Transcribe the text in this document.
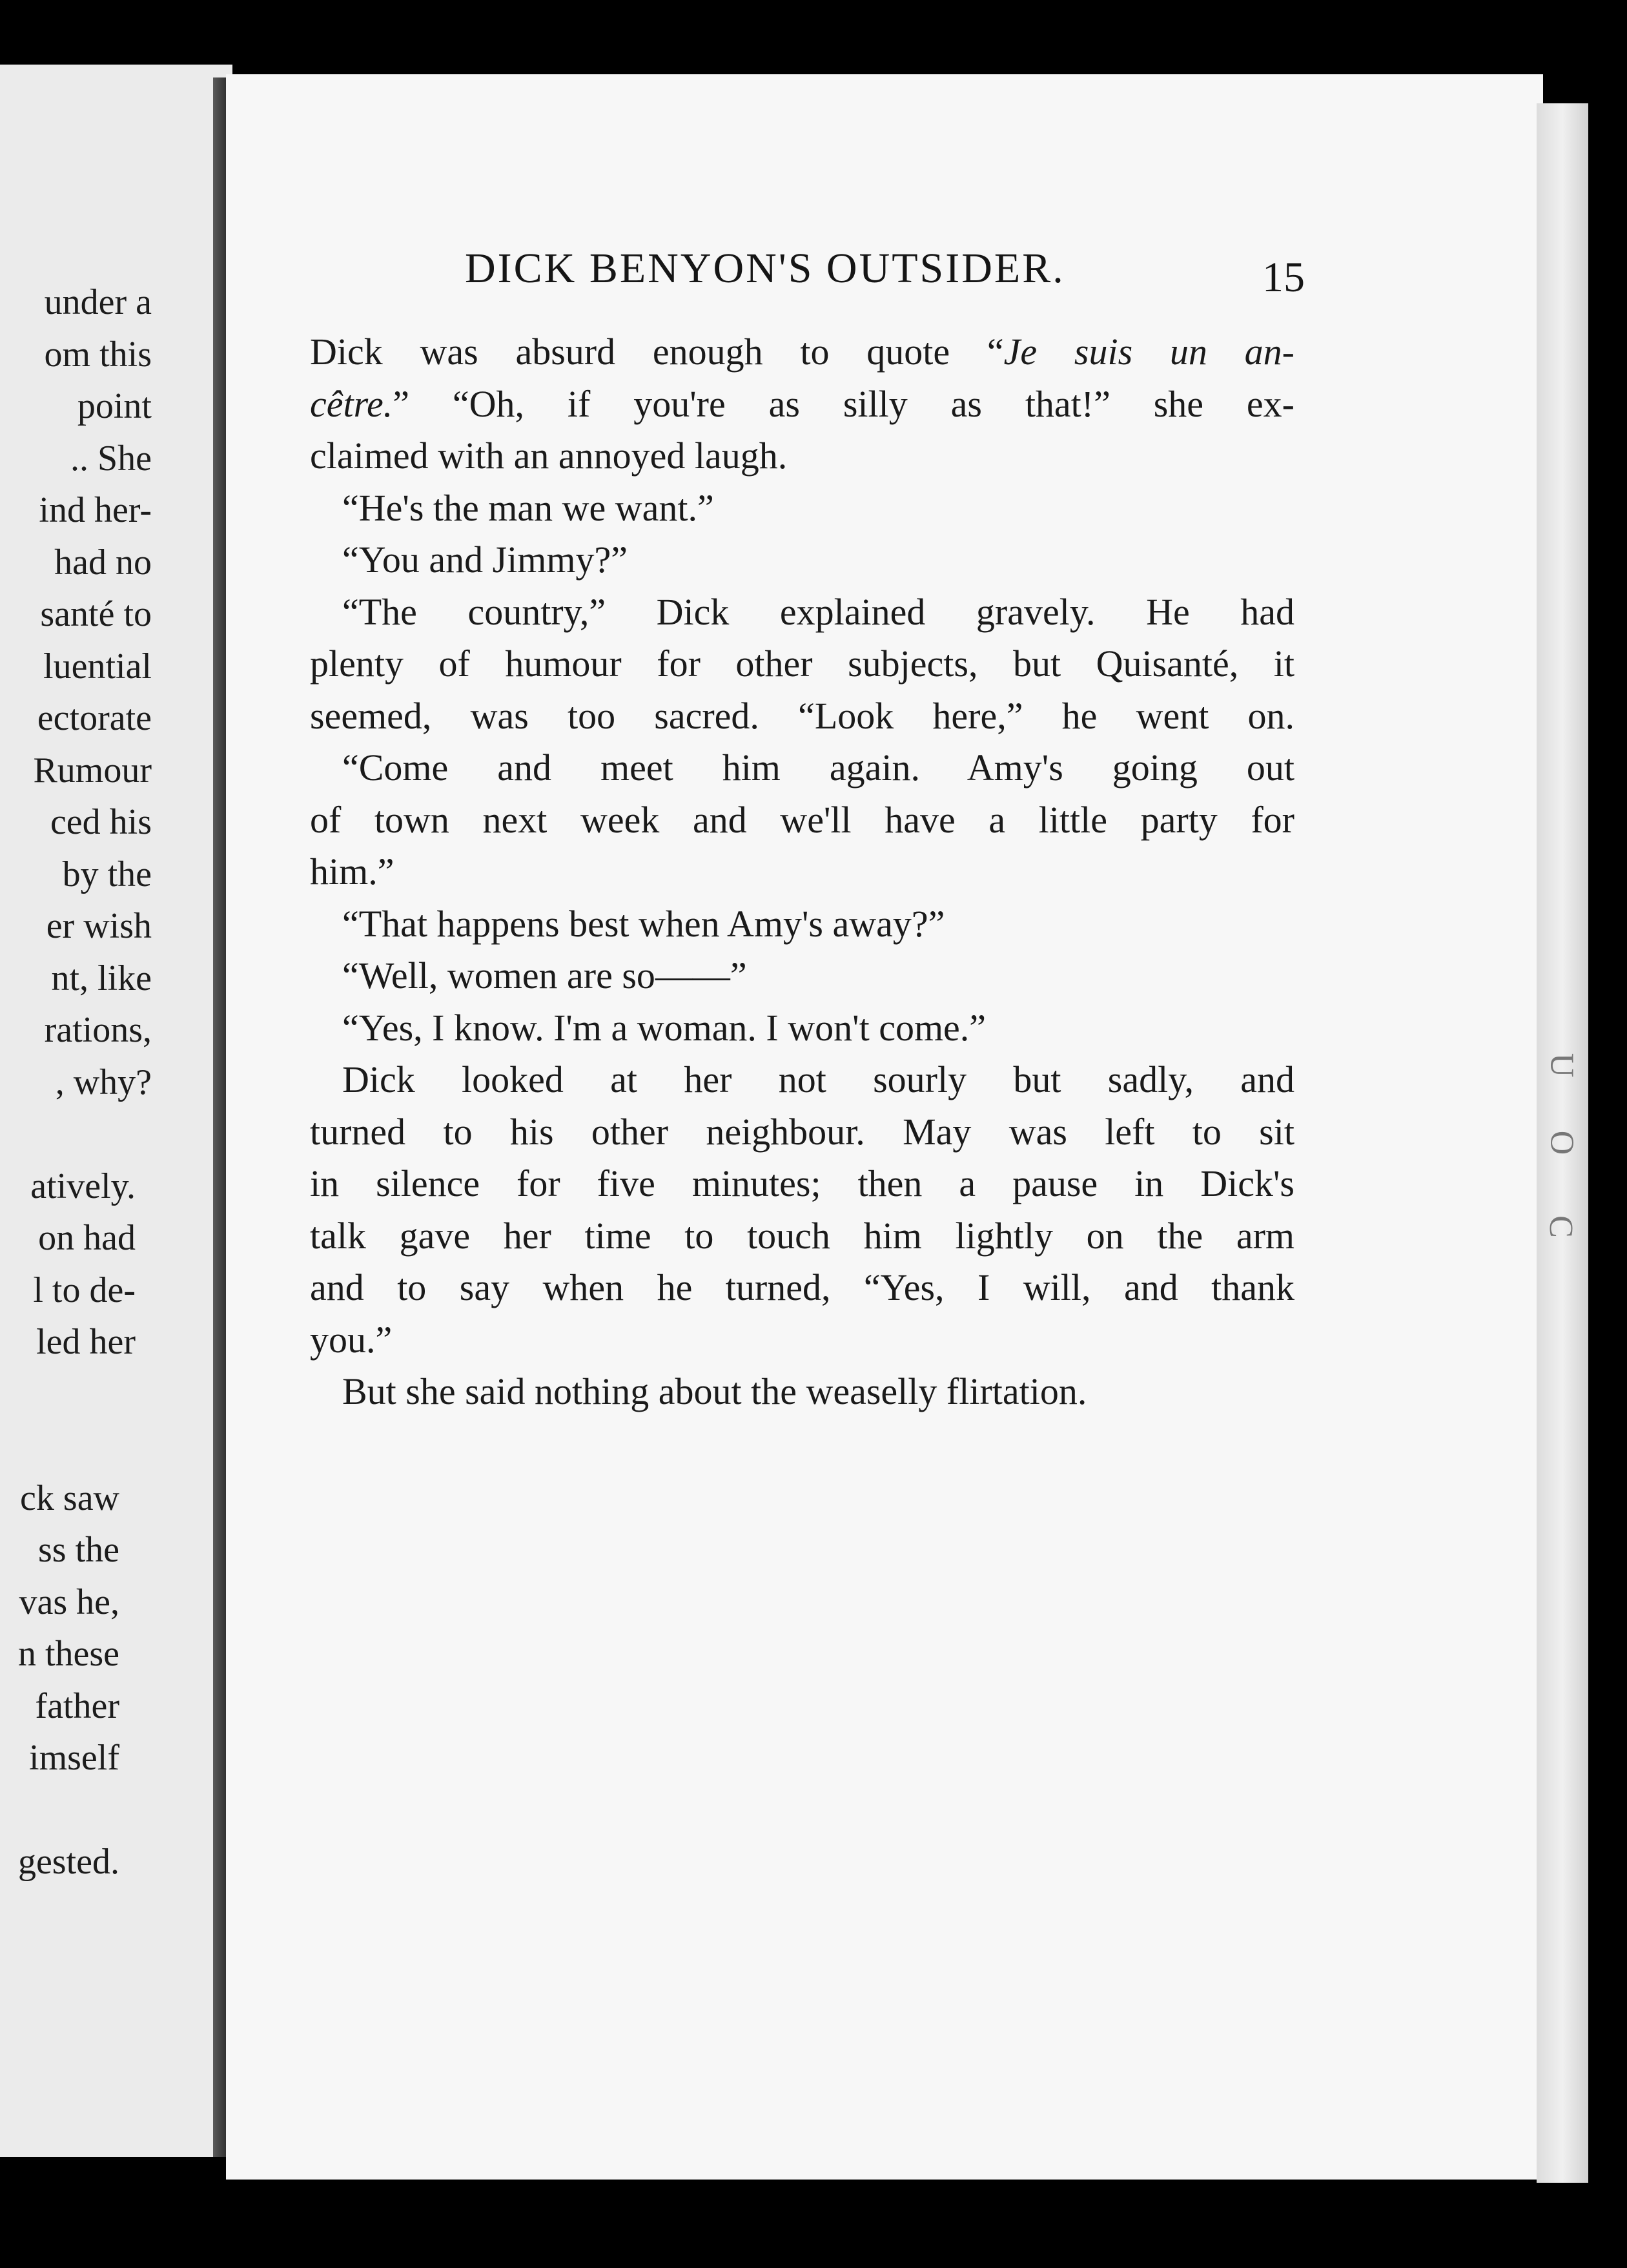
under a
om this
point
.. She
ind her-
had no
santé to
luential
ectorate
Rumour
ced his
by the
er wish
nt, like
rations,
, why?
atively.
on had
l to de-
led her
ck saw
ss the
vas he,
n these
father
imself
gested.
U
O
C
DICK BENYON'S OUTSIDER.	15
Dick was absurd enough to quote “Je suis un an-
cêtre.” “Oh, if you're as silly as that!” she ex-
claimed with an annoyed laugh.
“He's the man we want.”
“You and Jimmy?”
“The country,” Dick explained gravely. He had
plenty of humour for other subjects, but Quisanté, it
seemed, was too sacred. “Look here,” he went on.
“Come and meet him again. Amy's going out
of town next week and we'll have a little party for
him.”
“That happens best when Amy's away?”
“Well, women are so——”
“Yes, I know. I'm a woman. I won't come.”
Dick looked at her not sourly but sadly, and
turned to his other neighbour. May was left to sit
in silence for five minutes; then a pause in Dick's
talk gave her time to touch him lightly on the arm
and to say when he turned, “Yes, I will, and thank
you.”
But she said nothing about the weaselly flirtation.
